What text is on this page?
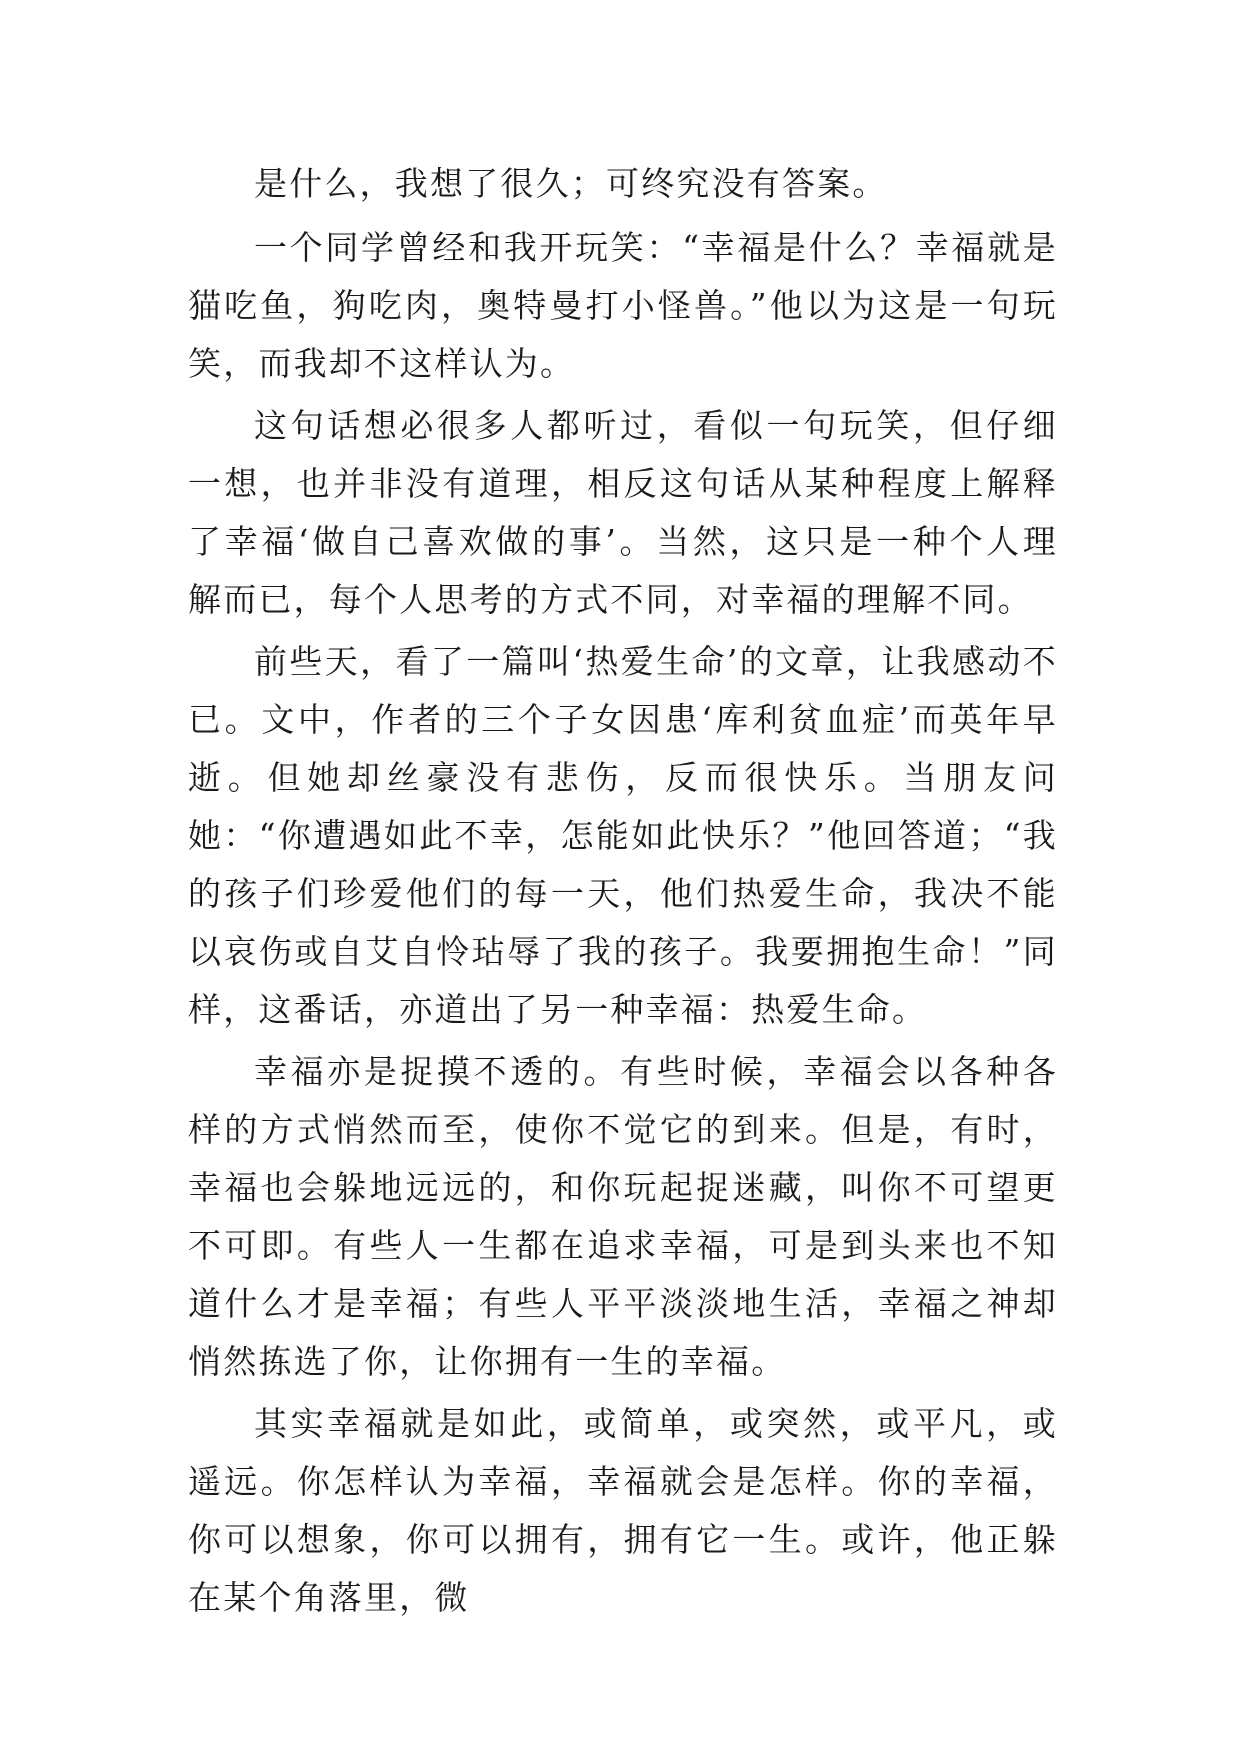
是什么，我想了很久；可终究没有答案。

一个同学曾经和我开玩笑：“幸福是什么？幸福就是猫吃鱼，狗吃肉，奥特曼打小怪兽。”他以为这是一句玩笑，而我却不这样认为。

这句话想必很多人都听过，看似一句玩笑，但仔细一想，也并非没有道理，相反这句话从某种程度上解释了幸福‘做自己喜欢做的事’。当然，这只是一种个人理解而已，每个人思考的方式不同，对幸福的理解不同。

前些天，看了一篇叫‘热爱生命’的文章，让我感动不已。文中，作者的三个子女因患‘库利贫血症’而英年早逝。但她却丝豪没有悲伤，反而很快乐。当朋友问她：“你遭遇如此不幸，怎能如此快乐？”他回答道；“我的孩子们珍爱他们的每一天，他们热爱生命，我决不能以哀伤或自艾自怜玷辱了我的孩子。我要拥抱生命！”同样，这番话，亦道出了另一种幸福：热爱生命。

幸福亦是捉摸不透的。有些时候，幸福会以各种各样的方式悄然而至，使你不觉它的到来。但是，有时，幸福也会躲地远远的，和你玩起捉迷藏，叫你不可望更不可即。有些人一生都在追求幸福，可是到头来也不知道什么才是幸福；有些人平平淡淡地生活，幸福之神却悄然拣选了你，让你拥有一生的幸福。

其实幸福就是如此，或简单，或突然，或平凡，或遥远。你怎样认为幸福，幸福就会是怎样。你的幸福，你可以想象，你可以拥有，拥有它一生。或许，他正躲在某个角落里，微
